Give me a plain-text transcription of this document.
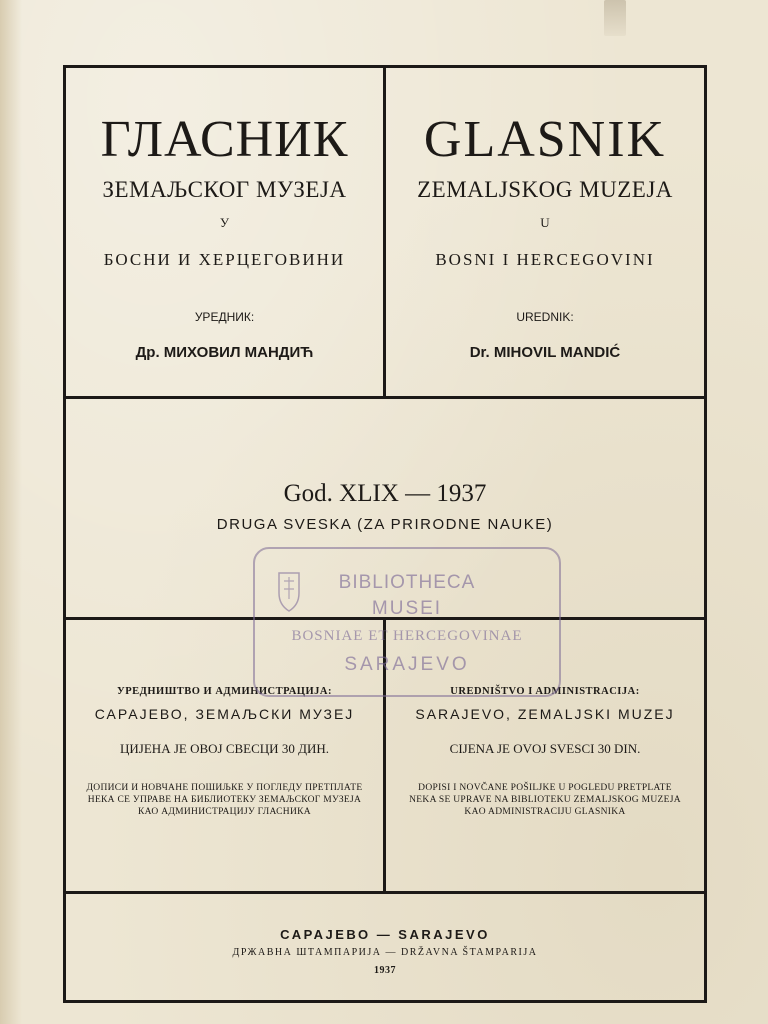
ГЛАСНИК
ЗЕМАЉСКОГ МУЗЕЈА
У
БОСНИ И ХЕРЦЕГОВИНИ
УРЕДНИК:
Др. МИХОВИЛ МАНДИЋ
GLASNIK
ZEMALJSKOG MUZEJA
U
BOSNI I HERCEGOVINI
UREDNIK:
Dr. MIHOVIL MANDIĆ
God. XLIX — 1937
DRUGA SVESKA (ZA PRIRODNE NAUKE)
УРЕДНИШТВО И АДМИНИСТРАЦИЈА:
САРАЈЕВО, ЗЕМАЉСКИ МУЗЕЈ
ЦИЈЕНА ЈЕ ОВОЈ СВЕСЦИ 30 ДИН.
ДОПИСИ И НОВЧАНЕ ПОШИЉКЕ У ПОГЛЕДУ ПРЕТПЛАТЕ НЕКА СЕ УПРАВЕ НА БИБЛИОТЕКУ ЗЕМАЉСКОГ МУЗЕЈА КАО АДМИНИСТРАЦИЈУ ГЛАСНИКА
UREDNIŠTVO I ADMINISTRACIJA:
SARAJEVO, ZEMALJSKI MUZEJ
CIJENA JE OVOJ SVESCI 30 DIN.
DOPISI I NOVČANE POŠILJKE U POGLEDU PRETPLATE NEKA SE UPRAVE NA BIBLIOTEKU ZEMALJSKOG MUZEJA KAO ADMINISTRACIJU GLASNIKA
BIBLIOTHECA
MUSEI
BOSNIAE ET HERCEGOVINAE
SARAJEVO
САРАЈЕВО — SARAJEVO
ДРЖАВНА ШТАМПАРИЈА — DRŽAVNA ŠTAMPARIJA
1937
